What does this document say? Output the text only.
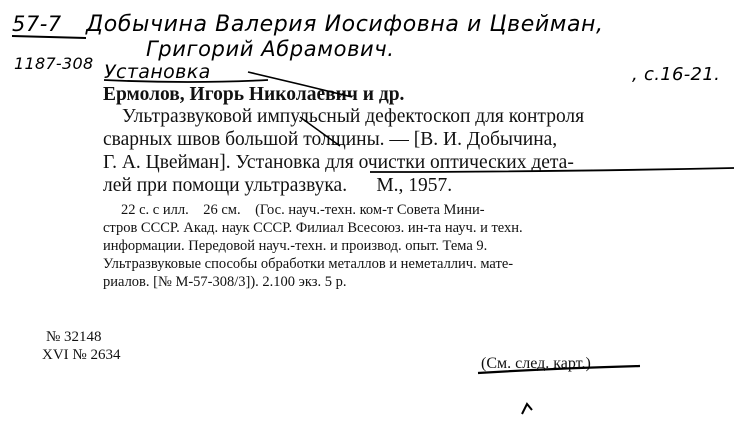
57-7 Добычина Валерия Иосифовна и Цвейман,
Григорий Абрамович.
1187-308 Установка	, с.16-21.
Ермолов, Игорь Николаевич и др.
Ультразвуковой импульсный дефектоскоп для контроля
сварных швов большой толщины. — [В. И. Добычина,
Г. А. Цвейман]. Установка для очистки оптических дета-
лей при помощи ультразвука.      М., 1957.
22 с. с илл.    26 см.    (Гос. науч.-техн. ком-т Совета Мини-
стров СССР. Акад. наук СССР. Филиал Всесоюз. ин-та науч. и техн.
информации. Передовой науч.-техн. и производ. опыт. Тема 9.
Ультразвуковые способы обработки металлов и неметаллич. мате-
риалов. [№ М-57-308/3]). 2.100 экз. 5 р.
№ 32148
XVI № 2634	(См. след. карт.)
